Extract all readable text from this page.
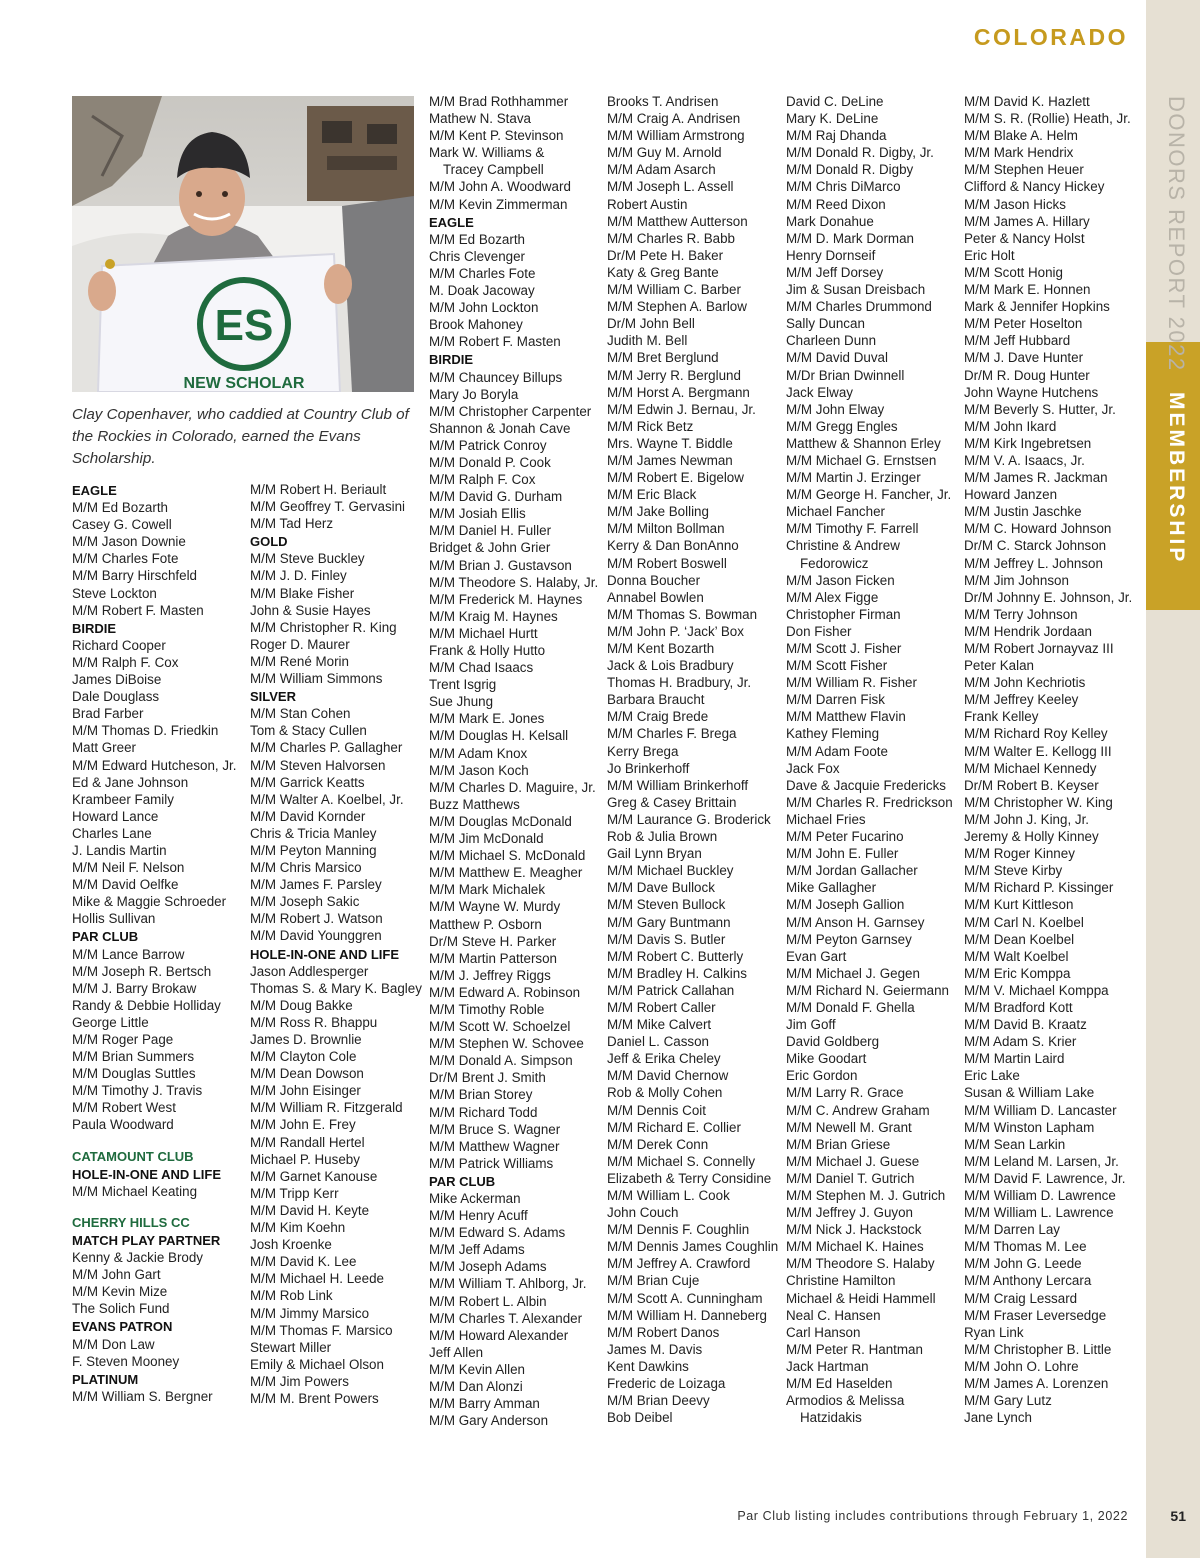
COLORADO
DONORS REPORT 2022
MEMBERSHIP
ES
NEW SCHOLAR
Clay Copenhaver, who caddied at Country Club of the Rockies in Colorado, earned the Evans Scholarship.
EAGLE
M/M Ed Bozarth
Casey G. Cowell
M/M Jason Downie
M/M Charles Fote
M/M Barry Hirschfeld
Steve Lockton
M/M Robert F. Masten
BIRDIE
Richard Cooper
M/M Ralph F. Cox
James DiBoise
Dale Douglass
Brad Farber
M/M Thomas D. Friedkin
Matt Greer
M/M Edward Hutcheson, Jr.
Ed & Jane Johnson
Krambeer Family
Howard Lance
Charles Lane
J. Landis Martin
M/M Neil F. Nelson
M/M David Oelfke
Mike & Maggie Schroeder
Hollis Sullivan
PAR CLUB
M/M Lance Barrow
M/M Joseph R. Bertsch
M/M J. Barry Brokaw
Randy & Debbie Holliday
George Little
M/M Roger Page
M/M Brian Summers
M/M Douglas Suttles
M/M Timothy J. Travis
M/M Robert West
Paula Woodward
CATAMOUNT CLUB
HOLE-IN-ONE AND LIFE
M/M Michael Keating
CHERRY HILLS CC
MATCH PLAY PARTNER
Kenny & Jackie Brody
M/M John Gart
M/M Kevin Mize
The Solich Fund
EVANS PATRON
M/M Don Law
F. Steven Mooney
PLATINUM
M/M William S. Bergner
M/M Robert H. Beriault
M/M Geoffrey T. Gervasini
M/M Tad Herz
GOLD
M/M Steve Buckley
M/M J. D. Finley
M/M Blake Fisher
John & Susie Hayes
M/M Christopher R. King
Roger D. Maurer
M/M René Morin
M/M William Simmons
SILVER
M/M Stan Cohen
Tom & Stacy Cullen
M/M Charles P. Gallagher
M/M Steven Halvorsen
M/M Garrick Keatts
M/M Walter A. Koelbel, Jr.
M/M David Kornder
Chris & Tricia Manley
M/M Peyton Manning
M/M Chris Marsico
M/M James F. Parsley
M/M Joseph Sakic
M/M Robert J. Watson
M/M David Younggren
HOLE-IN-ONE AND LIFE
Jason Addlesperger
Thomas S. & Mary K. Bagley
M/M Doug Bakke
M/M Ross R. Bhappu
James D. Brownlie
M/M Clayton Cole
M/M Dean Dowson
M/M John Eisinger
M/M William R. Fitzgerald
M/M John E. Frey
M/M Randall Hertel
Michael P. Huseby
M/M Garnet Kanouse
M/M Tripp Kerr
M/M David H. Keyte
M/M Kim Koehn
Josh Kroenke
M/M David K. Lee
M/M Michael H. Leede
M/M Rob Link
M/M Jimmy Marsico
M/M Thomas F. Marsico
Stewart Miller
Emily & Michael Olson
M/M Jim Powers
M/M M. Brent Powers
M/M Brad Rothhammer
Mathew N. Stava
M/M Kent P. Stevinson
Mark W. Williams &
Tracey Campbell
M/M John A. Woodward
M/M Kevin Zimmerman
EAGLE
M/M Ed Bozarth
Chris Clevenger
M/M Charles Fote
M. Doak Jacoway
M/M John Lockton
Brook Mahoney
M/M Robert F. Masten
BIRDIE
M/M Chauncey Billups
Mary Jo Boryla
M/M Christopher Carpenter
Shannon & Jonah Cave
M/M Patrick Conroy
M/M Donald P. Cook
M/M Ralph F. Cox
M/M David G. Durham
M/M Josiah Ellis
M/M Daniel H. Fuller
Bridget & John Grier
M/M Brian J. Gustavson
M/M Theodore S. Halaby, Jr.
M/M Frederick M. Haynes
M/M Kraig M. Haynes
M/M Michael Hurtt
Frank & Holly Hutto
M/M Chad Isaacs
Trent Isgrig
Sue Jhung
M/M Mark E. Jones
M/M Douglas H. Kelsall
M/M Adam Knox
M/M Jason Koch
M/M Charles D. Maguire, Jr.
Buzz Matthews
M/M Douglas McDonald
M/M Jim McDonald
M/M Michael S. McDonald
M/M Matthew E. Meagher
M/M Mark Michalek
M/M Wayne W. Murdy
Matthew P. Osborn
Dr/M Steve H. Parker
M/M Martin Patterson
M/M J. Jeffrey Riggs
M/M Edward A. Robinson
M/M Timothy Roble
M/M Scott W. Schoelzel
M/M Stephen W. Schovee
M/M Donald A. Simpson
Dr/M Brent J. Smith
M/M Brian Storey
M/M Richard Todd
M/M Bruce S. Wagner
M/M Matthew Wagner
M/M Patrick Williams
PAR CLUB
Mike Ackerman
M/M Henry Acuff
M/M Edward S. Adams
M/M Jeff Adams
M/M Joseph Adams
M/M William T. Ahlborg, Jr.
M/M Robert L. Albin
M/M Charles T. Alexander
M/M Howard Alexander
Jeff Allen
M/M Kevin Allen
M/M Dan Alonzi
M/M Barry Amman
M/M Gary Anderson
Brooks T. Andrisen
M/M Craig A. Andrisen
M/M William Armstrong
M/M Guy M. Arnold
M/M Adam Asarch
M/M Joseph L. Assell
Robert Austin
M/M Matthew Autterson
M/M Charles R. Babb
Dr/M Pete H. Baker
Katy & Greg Bante
M/M William C. Barber
M/M Stephen A. Barlow
Dr/M John Bell
Judith M. Bell
M/M Bret Berglund
M/M Jerry R. Berglund
M/M Horst A. Bergmann
M/M Edwin J. Bernau, Jr.
M/M Rick Betz
Mrs. Wayne T. Biddle
M/M James Newman
M/M Robert E. Bigelow
M/M Eric Black
M/M Jake Bolling
M/M Milton Bollman
Kerry & Dan BonAnno
M/M Robert Boswell
Donna Boucher
Annabel Bowlen
M/M Thomas S. Bowman
M/M John P. ‘Jack’ Box
M/M Kent Bozarth
Jack & Lois Bradbury
Thomas H. Bradbury, Jr.
Barbara Braucht
M/M Craig Brede
M/M Charles F. Brega
Kerry Brega
Jo Brinkerhoff
M/M William Brinkerhoff
Greg & Casey Brittain
M/M Laurance G. Broderick
Rob & Julia Brown
Gail Lynn Bryan
M/M Michael Buckley
M/M Dave Bullock
M/M Steven Bullock
M/M Gary Buntmann
M/M Davis S. Butler
M/M Robert C. Butterly
M/M Bradley H. Calkins
M/M Patrick Callahan
M/M Robert Caller
M/M Mike Calvert
Daniel L. Casson
Jeff & Erika Cheley
M/M David Chernow
Rob & Molly Cohen
M/M Dennis Coit
M/M Richard E. Collier
M/M Derek Conn
M/M Michael S. Connelly
Elizabeth & Terry Considine
M/M William L. Cook
John Couch
M/M Dennis F. Coughlin
M/M Dennis James Coughlin
M/M Jeffrey A. Crawford
M/M Brian Cuje
M/M Scott A. Cunningham
M/M William H. Danneberg
M/M Robert Danos
James M. Davis
Kent Dawkins
Frederic de Loizaga
M/M Brian Deevy
Bob Deibel
David C. DeLine
Mary K. DeLine
M/M Raj Dhanda
M/M Donald R. Digby, Jr.
M/M Donald R. Digby
M/M Chris DiMarco
M/M Reed Dixon
Mark Donahue
M/M D. Mark Dorman
Henry Dornseif
M/M Jeff Dorsey
Jim & Susan Dreisbach
M/M Charles Drummond
Sally Duncan
Charleen Dunn
M/M David Duval
M/Dr Brian Dwinnell
Jack Elway
M/M John Elway
M/M Gregg Engles
Matthew & Shannon Erley
M/M Michael G. Ernstsen
M/M Martin J. Erzinger
M/M George H. Fancher, Jr.
Michael Fancher
M/M Timothy F. Farrell
Christine & Andrew
Fedorowicz
M/M Jason Ficken
M/M Alex Figge
Christopher Firman
Don Fisher
M/M Scott J. Fisher
M/M Scott Fisher
M/M William R. Fisher
M/M Darren Fisk
M/M Matthew Flavin
Kathey Fleming
M/M Adam Foote
Jack Fox
Dave & Jacquie Fredericks
M/M Charles R. Fredrickson
Michael Fries
M/M Peter Fucarino
M/M John E. Fuller
M/M Jordan Gallacher
Mike Gallagher
M/M Joseph Gallion
M/M Anson H. Garnsey
M/M Peyton Garnsey
Evan Gart
M/M Michael J. Gegen
M/M Richard N. Geiermann
M/M Donald F. Ghella
Jim Goff
David Goldberg
Mike Goodart
Eric Gordon
M/M Larry R. Grace
M/M C. Andrew Graham
M/M Newell M. Grant
M/M Brian Griese
M/M Michael J. Guese
M/M Daniel T. Gutrich
M/M Stephen M. J. Gutrich
M/M Jeffrey J. Guyon
M/M Nick J. Hackstock
M/M Michael K. Haines
M/M Theodore S. Halaby
Christine Hamilton
Michael & Heidi Hammell
Neal C. Hansen
Carl Hanson
M/M Peter R. Hantman
Jack Hartman
M/M Ed Haselden
Armodios & Melissa
Hatzidakis
M/M David K. Hazlett
M/M S. R. (Rollie) Heath, Jr.
M/M Blake A. Helm
M/M Mark Hendrix
M/M Stephen Heuer
Clifford & Nancy Hickey
M/M Jason Hicks
M/M James A. Hillary
Peter & Nancy Holst
Eric Holt
M/M Scott Honig
M/M Mark E. Honnen
Mark & Jennifer Hopkins
M/M Peter Hoselton
M/M Jeff Hubbard
M/M J. Dave Hunter
Dr/M R. Doug Hunter
John Wayne Hutchens
M/M Beverly S. Hutter, Jr.
M/M John Ikard
M/M Kirk Ingebretsen
M/M V. A. Isaacs, Jr.
M/M James R. Jackman
Howard Janzen
M/M Justin Jaschke
M/M C. Howard Johnson
Dr/M C. Starck Johnson
M/M Jeffrey L. Johnson
M/M Jim Johnson
Dr/M Johnny E. Johnson, Jr.
M/M Terry Johnson
M/M Hendrik Jordaan
M/M Robert Jornayvaz III
Peter Kalan
M/M John Kechriotis
M/M Jeffrey Keeley
Frank Kelley
M/M Richard Roy Kelley
M/M Walter E. Kellogg III
M/M Michael Kennedy
Dr/M Robert B. Keyser
M/M Christopher W. King
M/M John J. King, Jr.
Jeremy & Holly Kinney
M/M Roger Kinney
M/M Steve Kirby
M/M Richard P. Kissinger
M/M Kurt Kittleson
M/M Carl N. Koelbel
M/M Dean Koelbel
M/M Walt Koelbel
M/M Eric Komppa
M/M V. Michael Komppa
M/M Bradford Kott
M/M David B. Kraatz
M/M Adam S. Krier
M/M Martin Laird
Eric Lake
Susan & William Lake
M/M William D. Lancaster
M/M Winston Lapham
M/M Sean Larkin
M/M Leland M. Larsen, Jr.
M/M David F. Lawrence, Jr.
M/M William D. Lawrence
M/M William L. Lawrence
M/M Darren Lay
M/M Thomas M. Lee
M/M John G. Leede
M/M Anthony Lercara
M/M Craig Lessard
M/M Fraser Leversedge
Ryan Link
M/M Christopher B. Little
M/M John O. Lohre
M/M James A. Lorenzen
M/M Gary Lutz
Jane Lynch
Par Club listing includes contributions through February 1, 2022	51
